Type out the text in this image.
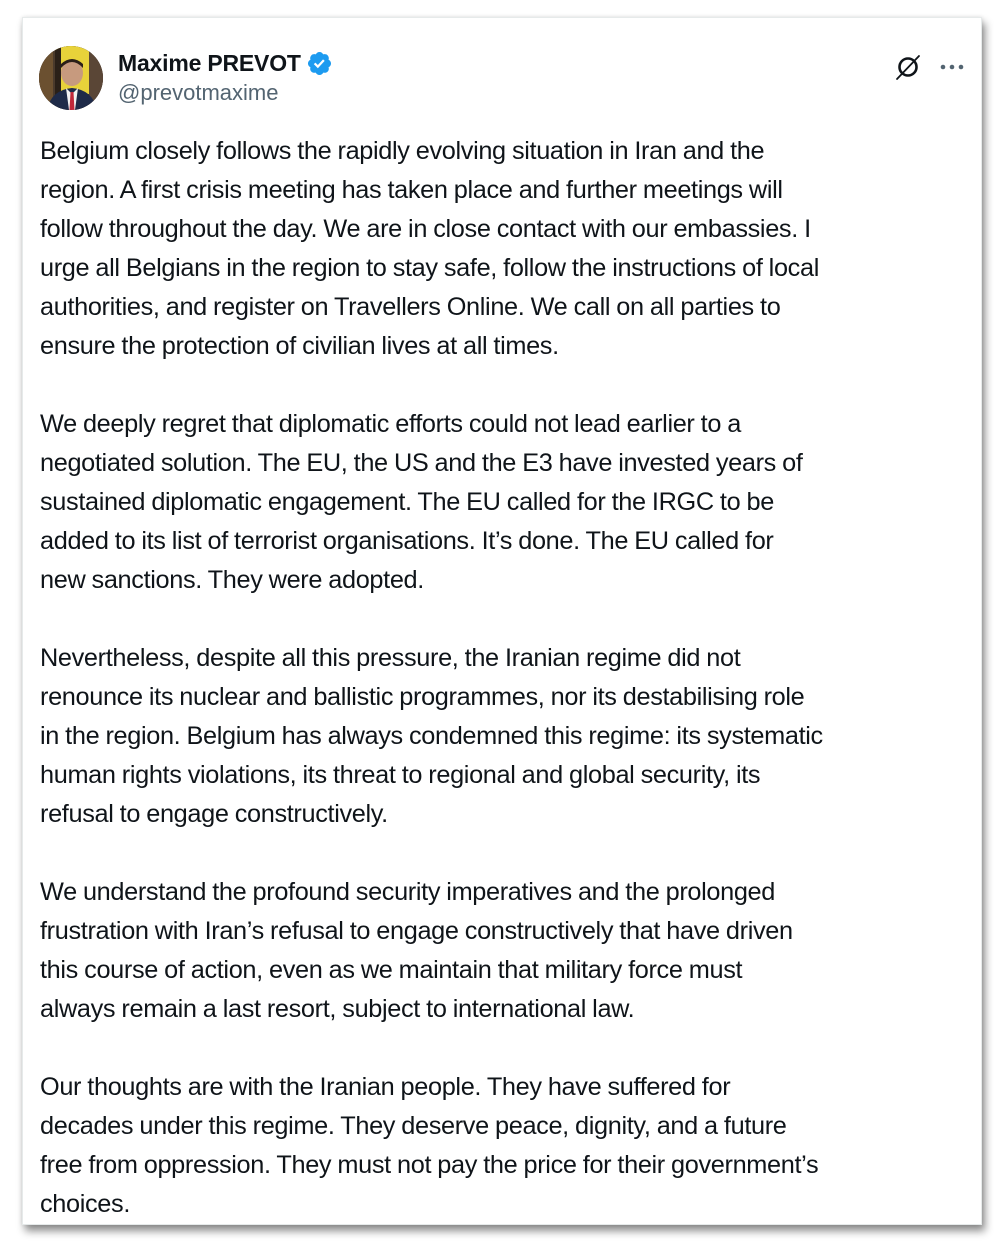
Maxime PREVOT
@prevotmaxime

Belgium closely follows the rapidly evolving situation in Iran and the
region. A first crisis meeting has taken place and further meetings will
follow throughout the day. We are in close contact with our embassies. I
urge all Belgians in the region to stay safe, follow the instructions of local
authorities, and register on Travellers Online. We call on all parties to
ensure the protection of civilian lives at all times.

We deeply regret that diplomatic efforts could not lead earlier to a
negotiated solution. The EU, the US and the E3 have invested years of
sustained diplomatic engagement. The EU called for the IRGC to be
added to its list of terrorist organisations. It’s done. The EU called for
new sanctions. They were adopted.

Nevertheless, despite all this pressure, the Iranian regime did not
renounce its nuclear and ballistic programmes, nor its destabilising role
in the region. Belgium has always condemned this regime: its systematic
human rights violations, its threat to regional and global security, its
refusal to engage constructively.

We understand the profound security imperatives and the prolonged
frustration with Iran’s refusal to engage constructively that have driven
this course of action, even as we maintain that military force must
always remain a last resort, subject to international law.

Our thoughts are with the Iranian people. They have suffered for
decades under this regime. They deserve peace, dignity, and a future
free from oppression. They must not pay the price for their government’s
choices.
